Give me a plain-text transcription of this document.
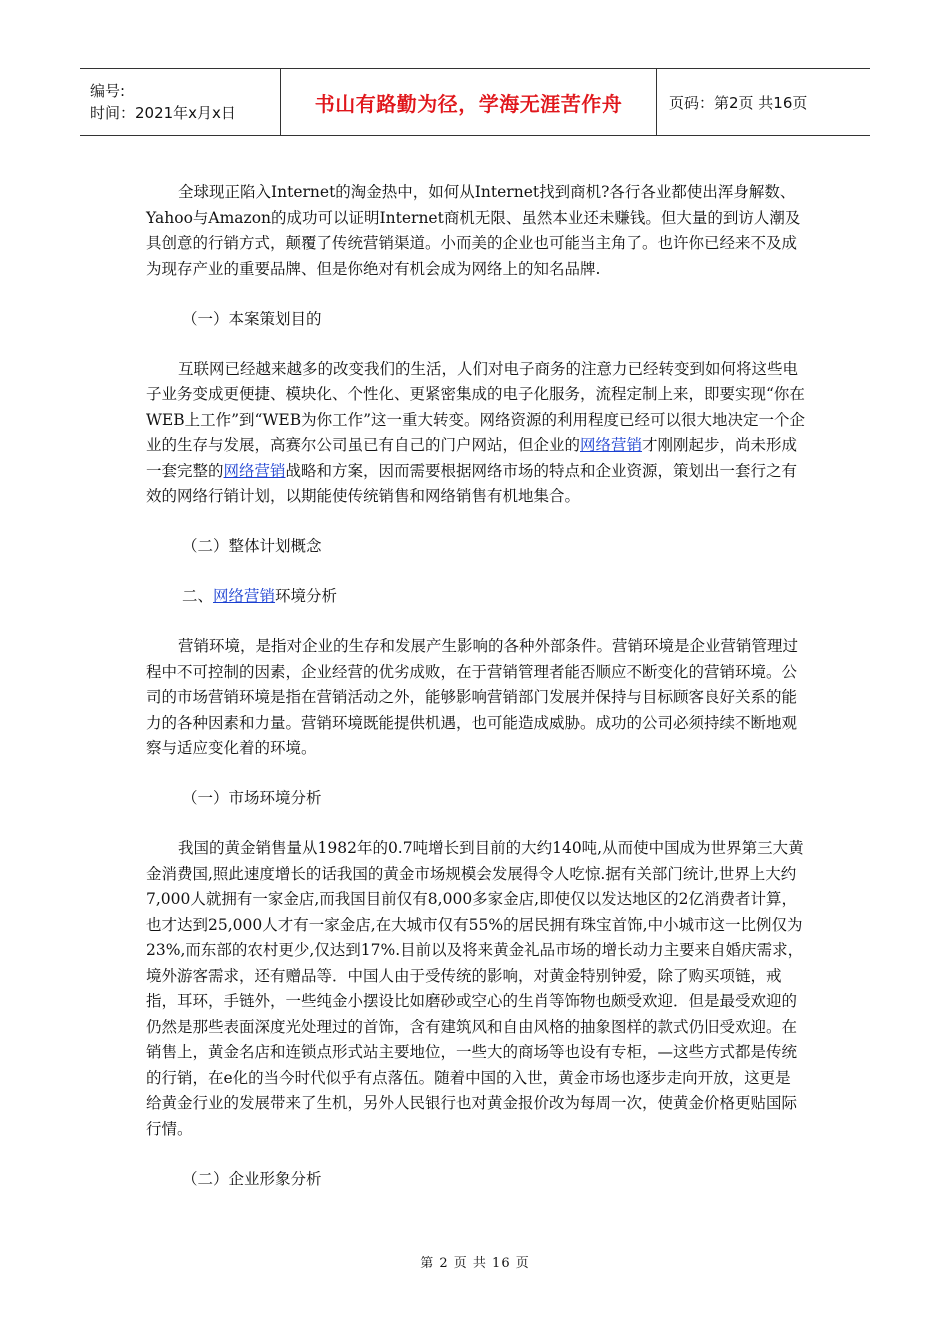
编号:
时间：2021年x月x日	书山有路勤为径，学海无涯苦作舟	页码：第2页 共16页

全球现正陷入Internet的淘金热中，如何从Internet找到商机?各行各业都使出浑身解数、Yahoo与Amazon的成功可以证明Internet商机无限、虽然本业还未赚钱。但大量的到访人潮及具创意的行销方式，颠覆了传统营销渠道。小而美的企业也可能当主角了。也许你已经来不及成为现存产业的重要品牌、但是你绝对有机会成为网络上的知名品牌.

（一）本案策划目的

互联网已经越来越多的改变我们的生活，人们对电子商务的注意力已经转变到如何将这些电子业务变成更便捷、模块化、个性化、更紧密集成的电子化服务，流程定制上来，即要实现“你在WEB上工作”到“WEB为你工作”这一重大转变。网络资源的利用程度已经可以很大地决定一个企业的生存与发展，高赛尔公司虽已有自己的门户网站，但企业的网络营销才刚刚起步，尚未形成一套完整的网络营销战略和方案，因而需要根据网络市场的特点和企业资源，策划出一套行之有效的网络行销计划，以期能使传统销售和网络销售有机地集合。

（二）整体计划概念

二、网络营销环境分析

营销环境，是指对企业的生存和发展产生影响的各种外部条件。营销环境是企业营销管理过程中不可控制的因素，企业经营的优劣成败，在于营销管理者能否顺应不断变化的营销环境。公司的市场营销环境是指在营销活动之外，能够影响营销部门发展并保持与目标顾客良好关系的能力的各种因素和力量。营销环境既能提供机遇，也可能造成威胁。成功的公司必须持续不断地观察与适应变化着的环境。

（一）市场环境分析

我国的黄金销售量从1982年的0.7吨增长到目前的大约140吨,从而使中国成为世界第三大黄金消费国,照此速度增长的话我国的黄金市场规模会发展得令人吃惊.据有关部门统计,世界上大约7,000人就拥有一家金店,而我国目前仅有8,000多家金店,即使仅以发达地区的2亿消费者计算，也才达到25,000人才有一家金店,在大城市仅有55%的居民拥有珠宝首饰,中小城市这一比例仅为23%,而东部的农村更少,仅达到17%.目前以及将来黄金礼品市场的增长动力主要来自婚庆需求，境外游客需求，还有赠品等．中国人由于受传统的影响，对黄金特别钟爱，除了购买项链，戒指，耳环，手链外，一些纯金小摆设比如磨砂或空心的生肖等饰物也颇受欢迎．但是最受欢迎的仍然是那些表面深度光处理过的首饰，含有建筑风和自由风格的抽象图样的款式仍旧受欢迎。在销售上，黄金名店和连锁点形式站主要地位，一些大的商场等也设有专柜，—这些方式都是传统的行销，在e化的当今时代似乎有点落伍。随着中国的入世，黄金市场也逐步走向开放，这更是给黄金行业的发展带来了生机，另外人民银行也对黄金报价改为每周一次，使黄金价格更贴国际行情。

（二）企业形象分析

第 2 页 共 16 页
